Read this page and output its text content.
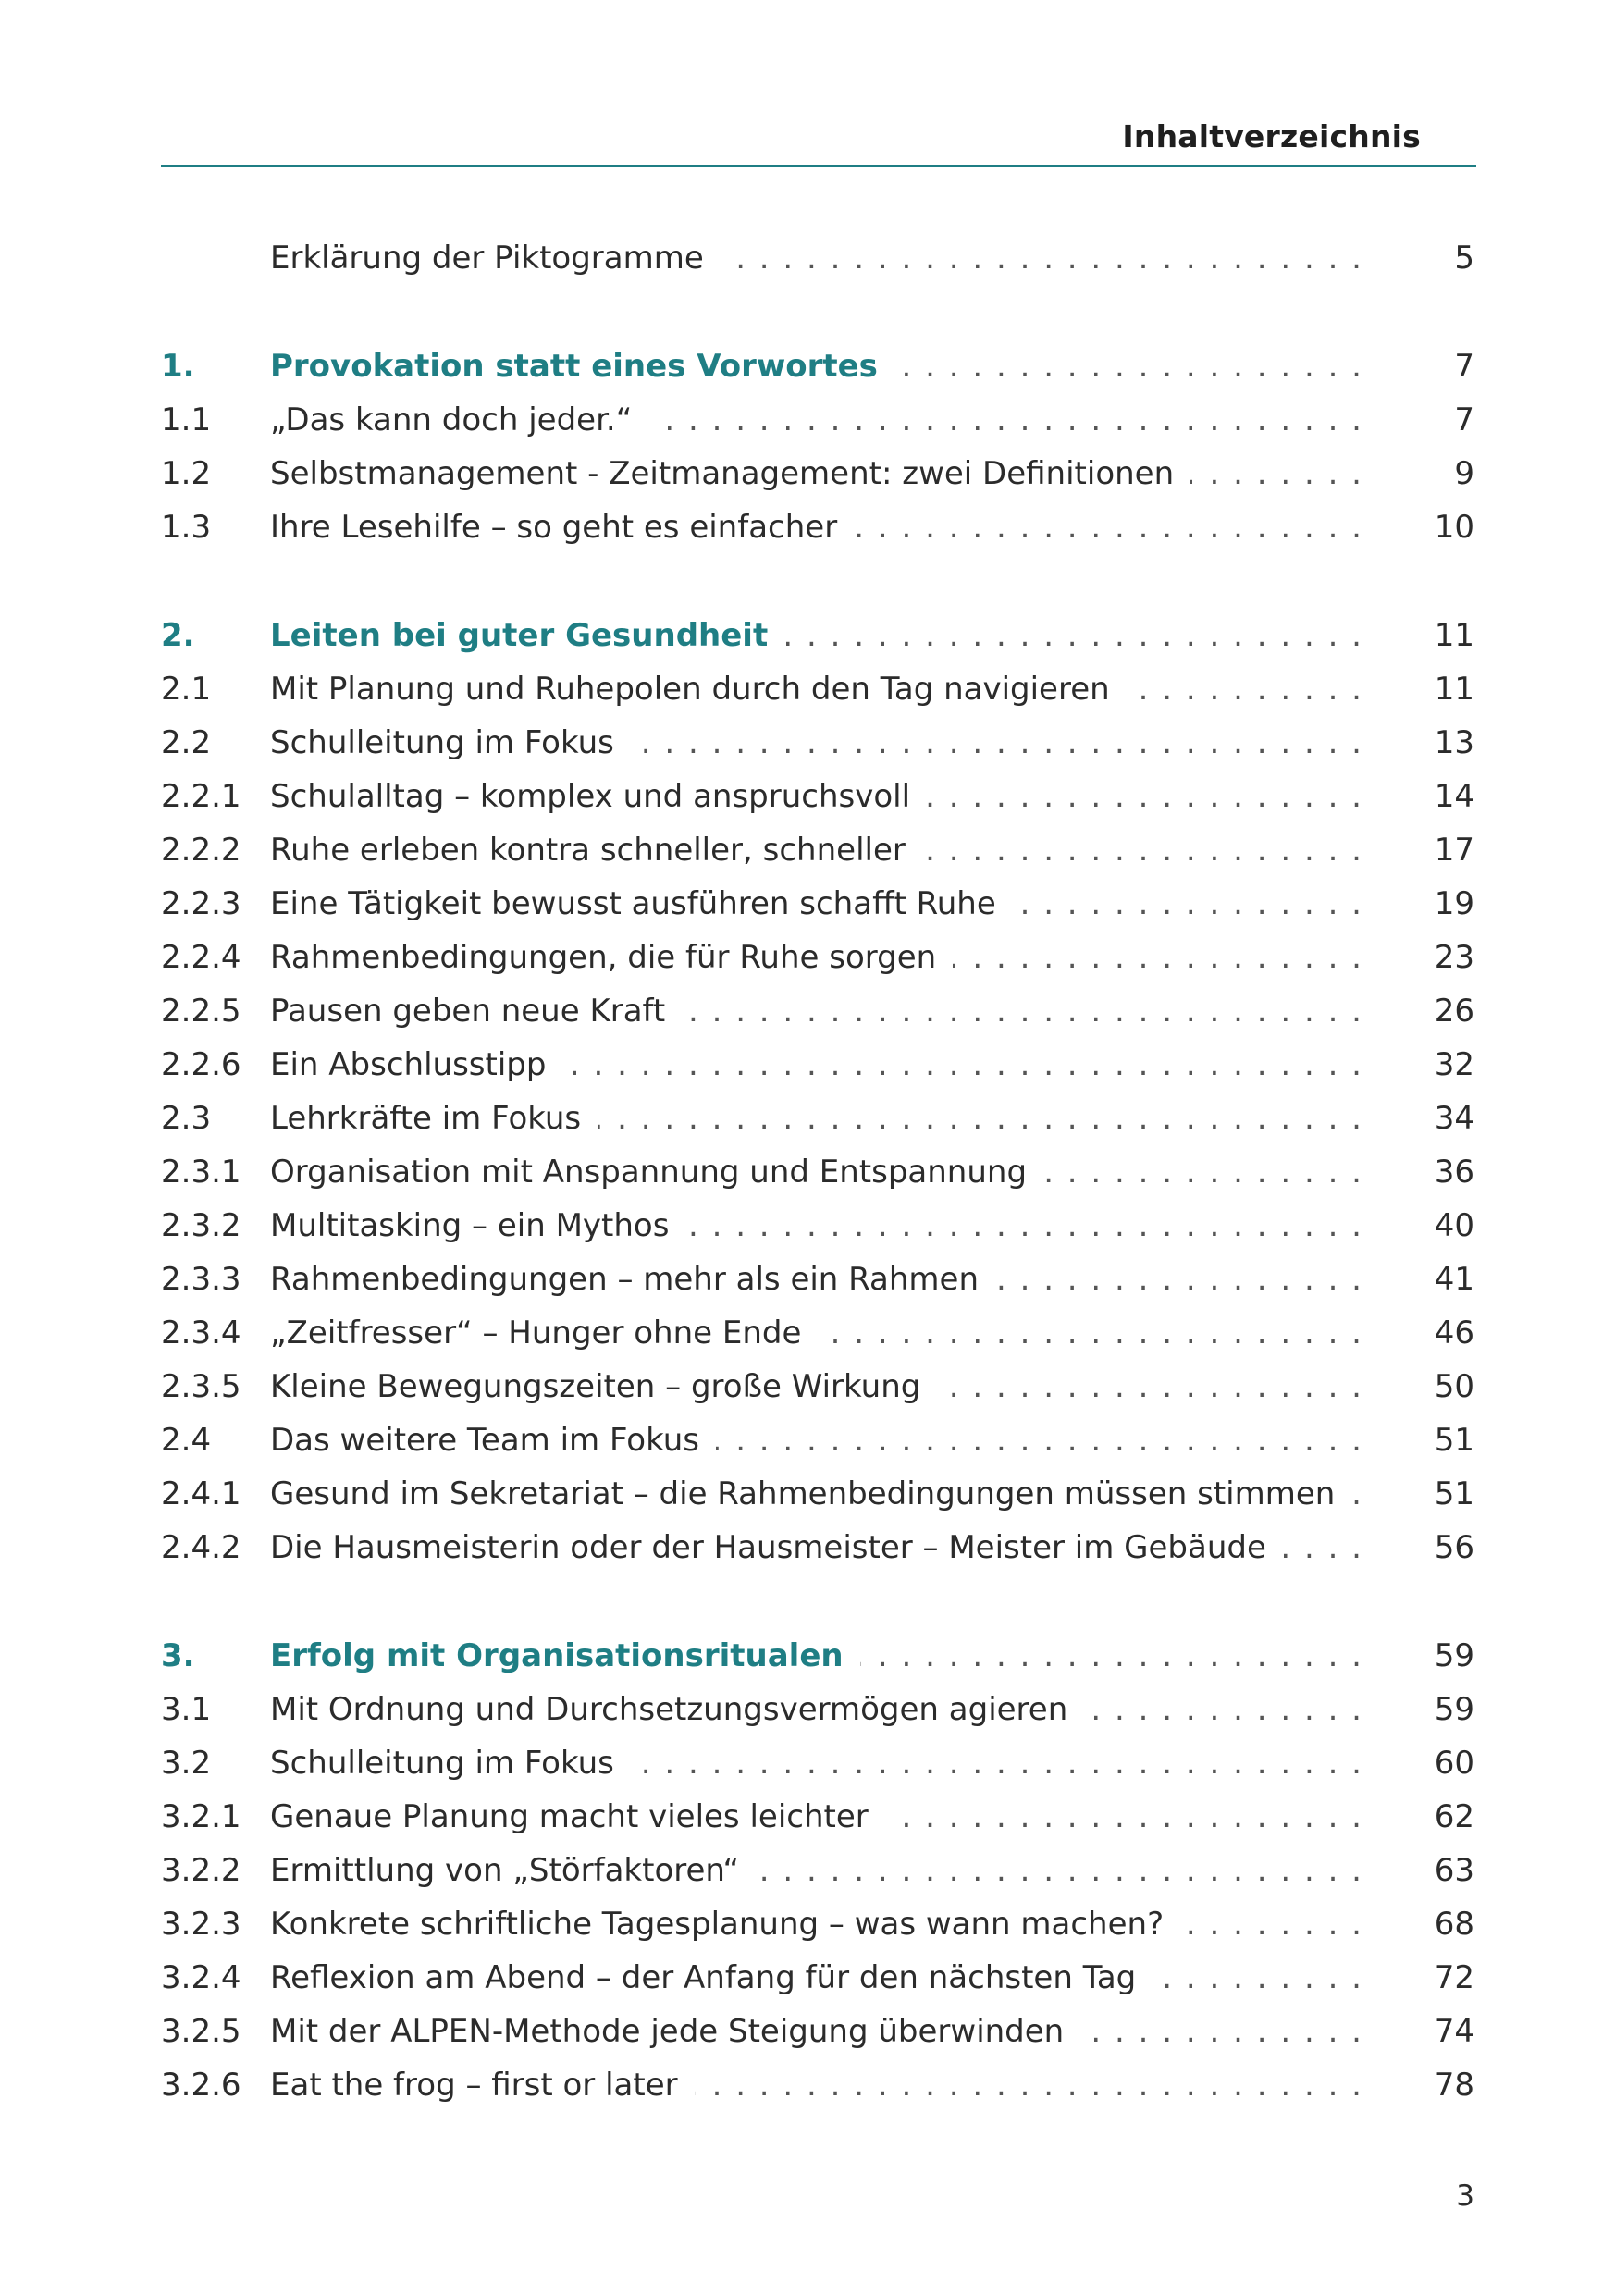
Inhaltverzeichnis
Erklärung der Piktogramme . . .	5
1. Provokation statt eines Vorwortes . . .	7
1.1 „Das kann doch jeder.“ . . .	7
1.2 Selbstmanagement - Zeitmanagement: zwei Definitionen . . .	9
1.3 Ihre Lesehilfe – so geht es einfacher . . .	10
2. Leiten bei guter Gesundheit . . .	11
2.1 Mit Planung und Ruhepolen durch den Tag navigieren . . .	11
2.2 Schulleitung im Fokus . . .	13
2.2.1 Schulalltag – komplex und anspruchsvoll . . .	14
2.2.2 Ruhe erleben kontra schneller, schneller . . .	17
2.2.3 Eine Tätigkeit bewusst ausführen schafft Ruhe . . .	19
2.2.4 Rahmenbedingungen, die für Ruhe sorgen . . .	23
2.2.5 Pausen geben neue Kraft . . .	26
2.2.6 Ein Abschlusstipp . . .	32
2.3 Lehrkräfte im Fokus . . .	34
2.3.1 Organisation mit Anspannung und Entspannung . . .	36
2.3.2 Multitasking – ein Mythos . . .	40
2.3.3 Rahmenbedingungen – mehr als ein Rahmen . . .	41
2.3.4 „Zeitfresser“ – Hunger ohne Ende . . .	46
2.3.5 Kleine Bewegungszeiten – große Wirkung . . .	50
2.4 Das weitere Team im Fokus . . .	51
2.4.1 Gesund im Sekretariat – die Rahmenbedingungen müssen stimmen . . .	51
2.4.2 Die Hausmeisterin oder der Hausmeister – Meister im Gebäude . . .	56
3. Erfolg mit Organisationsritualen . . .	59
3.1 Mit Ordnung und Durchsetzungsvermögen agieren . . .	59
3.2 Schulleitung im Fokus . . .	60
3.2.1 Genaue Planung macht vieles leichter . . .	62
3.2.2 Ermittlung von „Störfaktoren“ . . .	63
3.2.3 Konkrete schriftliche Tagesplanung – was wann machen? . . .	68
3.2.4 Reflexion am Abend – der Anfang für den nächsten Tag . . .	72
3.2.5 Mit der ALPEN-Methode jede Steigung überwinden . . .	74
3.2.6 Eat the frog – first or later . . .	78
3
